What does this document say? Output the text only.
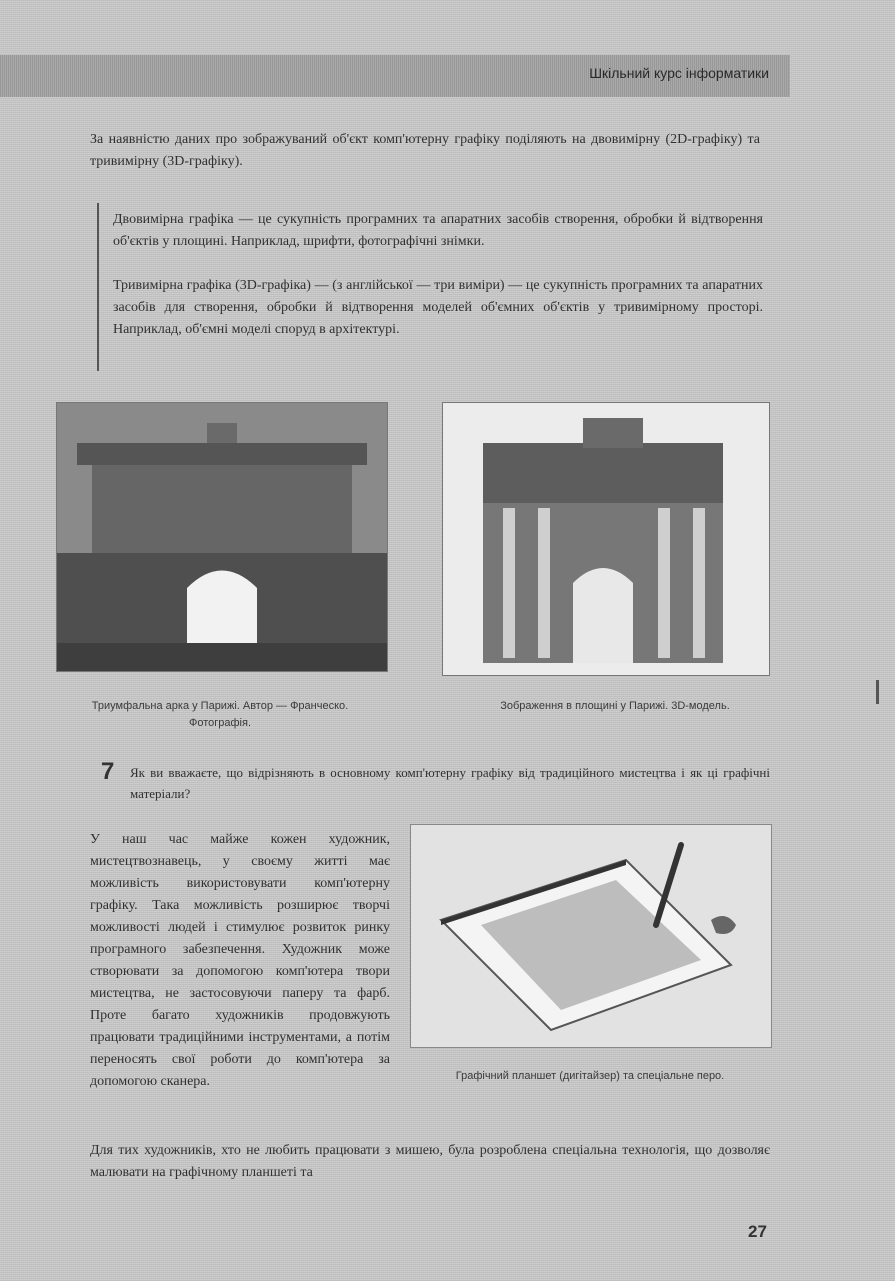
Шкільний курс інформатики
За наявністю даних про зображуваний об'єкт комп'ютерну графіку поділяють на двовимірну (2D-графіку) та тривимірну (3D-графіку).
Двовимірна графіка — це сукупність програмних та апаратних засобів створення, обробки й відтворення об'єктів у площині. Наприклад, шрифти, фотографічні знімки.
Тривимірна графіка (3D-графіка) — (з англійської — три виміри) — це сукупність програмних та апаратних засобів для створення, обробки й відтворення моделей об'ємних об'єктів у тривимірному просторі. Наприклад, об'ємні моделі споруд в архітектурі.
Триумфальна арка у Парижі. Автор — Франческо. Фотографія.
Зображення в площині у Парижі. 3D-модель.
7 Як ви вважаєте, що відрізняють в основному комп'ютерну графіку від традиційного мистецтва і як ці графічні матеріали?
У наш час майже кожен художник, мистецтвознавець, у своєму житті має можливість використовувати комп'ютерну графіку. Така можливість розширює творчі можливості людей і стимулює розвиток ринку програмного забезпечення. Художник може створювати за допомогою комп'ютера твори мистецтва, не застосовуючи паперу та фарб. Проте багато художників продовжують працювати традиційними інструментами, а потім переносять свої роботи до комп'ютера за допомогою сканера.	Графічний планшет (дигітайзер) та спеціальне перо.
Для тих художників, хто не любить працювати з мишею, була розроблена спеціальна технологія, що дозволяє малювати на графічному планшеті та
27
